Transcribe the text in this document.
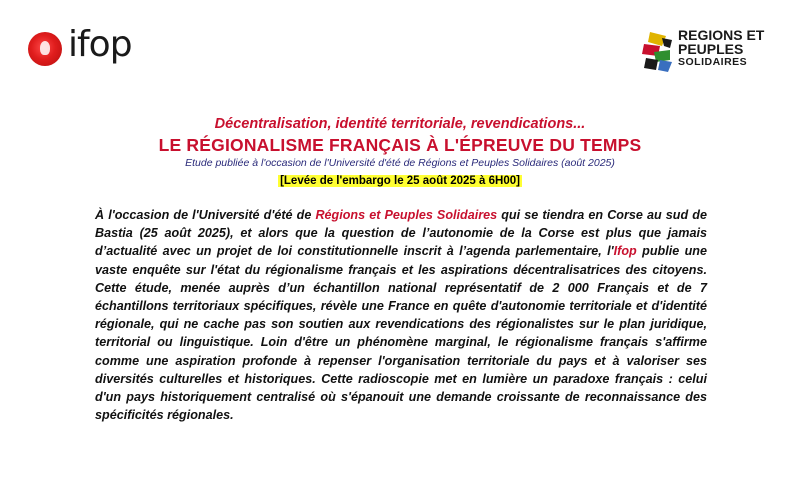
ifop	REGIONS ET
PEUPLES
SOLIDAIRES
Décentralisation, identité territoriale, revendications...
LE RÉGIONALISME FRANÇAIS À L'ÉPREUVE DU TEMPS
Etude publiée à l'occasion de l'Université d'été de Régions et Peuples Solidaires (août 2025)
[Levée de l'embargo le 25 août 2025 à 6H00]
À l'occasion de l'Université d'été de Régions et Peuples Solidaires qui se tiendra en Corse au sud de Bastia (25 août 2025), et alors que la question de l’autonomie de la Corse est plus que jamais d’actualité avec un projet de loi constitutionnelle inscrit à l’agenda parlementaire, l'Ifop publie une vaste enquête sur l'état du régionalisme français et les aspirations décentralisatrices des citoyens. Cette étude, menée auprès d’un échantillon national représentatif de 2 000 Français et de 7 échantillons territoriaux spécifiques, révèle une France en quête d'autonomie territoriale et d'identité régionale, qui ne cache pas son soutien aux revendications des régionalistes sur le plan juridique, territorial ou linguistique. Loin d'être un phénomène marginal, le régionalisme français s'affirme comme une aspiration profonde à repenser l'organisation territoriale du pays et à valoriser ses diversités culturelles et historiques. Cette radioscopie met en lumière un paradoxe français : celui d'un pays historiquement centralisé où s'épanouit une demande croissante de reconnaissance des spécificités régionales.
